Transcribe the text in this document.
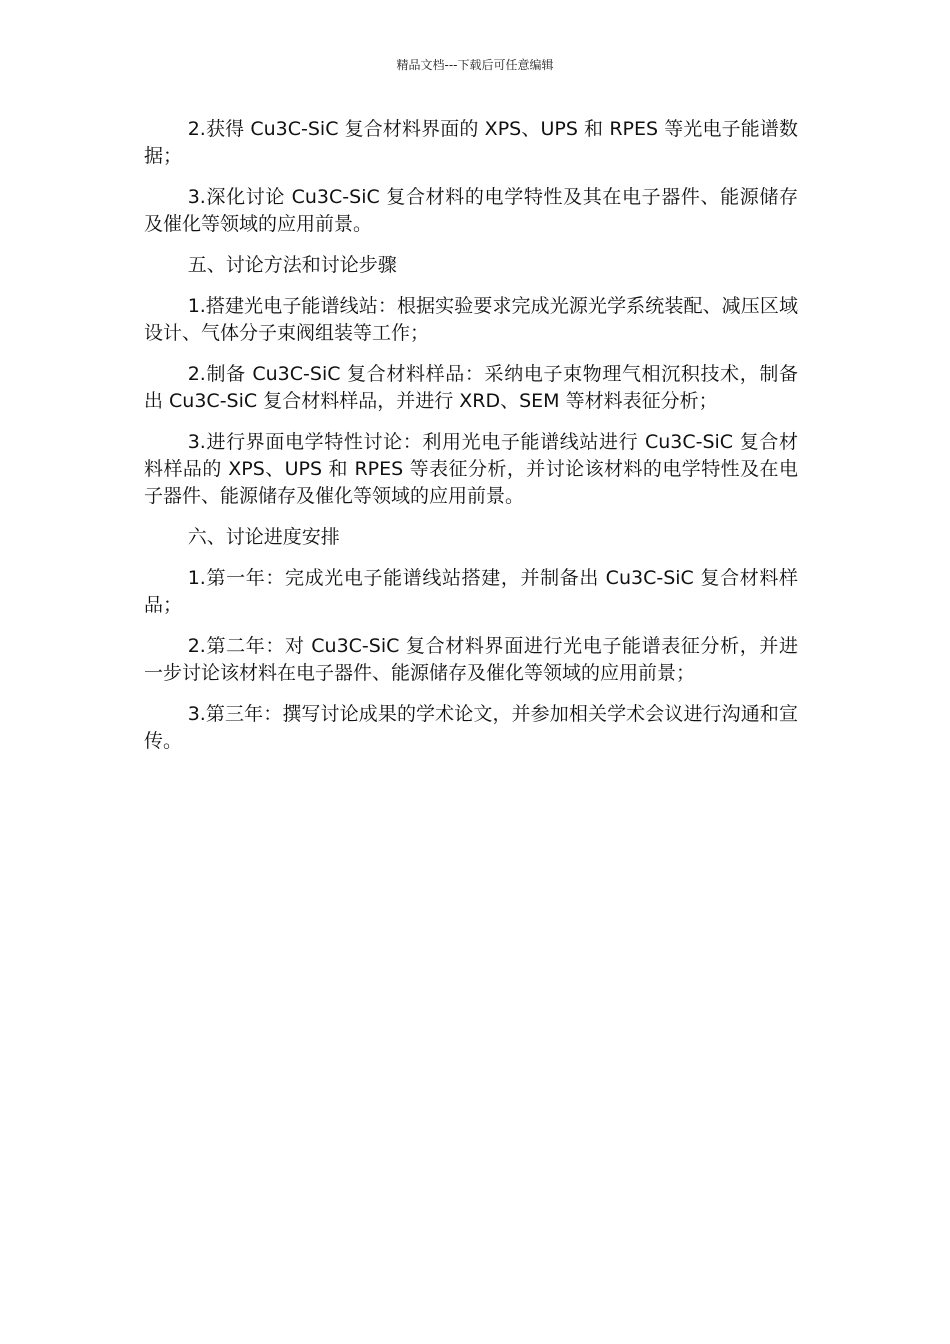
精品文档---下载后可任意编辑

2.获得 Cu3C-SiC 复合材料界面的 XPS、UPS 和 RPES 等光电子能谱数据；

3.深化讨论 Cu3C-SiC 复合材料的电学特性及其在电子器件、能源储存及催化等领域的应用前景。

五、讨论方法和讨论步骤

1.搭建光电子能谱线站：根据实验要求完成光源光学系统装配、减压区域设计、气体分子束阀组装等工作；

2.制备 Cu3C-SiC 复合材料样品：采纳电子束物理气相沉积技术，制备出 Cu3C-SiC 复合材料样品，并进行 XRD、SEM 等材料表征分析；

3.进行界面电学特性讨论：利用光电子能谱线站进行 Cu3C-SiC 复合材料样品的 XPS、UPS 和 RPES 等表征分析，并讨论该材料的电学特性及在电子器件、能源储存及催化等领域的应用前景。

六、讨论进度安排

1.第一年：完成光电子能谱线站搭建，并制备出 Cu3C-SiC 复合材料样品；

2.第二年：对 Cu3C-SiC 复合材料界面进行光电子能谱表征分析，并进一步讨论该材料在电子器件、能源储存及催化等领域的应用前景；

3.第三年：撰写讨论成果的学术论文，并参加相关学术会议进行沟通和宣传。
